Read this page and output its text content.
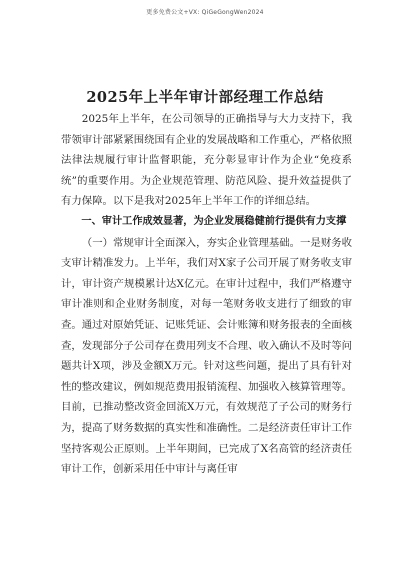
更多免费公文+VX: QiGeGongWen2024
2025年上半年审计部经理工作总结

2025年上半年，在公司领导的正确指导与大力支持下，我带领审计部紧紧围绕国有企业的发展战略和工作重心，严格依照法律法规履行审计监督职能，充分彰显审计作为企业“免疫系统”的重要作用。为企业规范管理、防范风险、提升效益提供了有力保障。以下是我对2025年上半年工作的详细总结。

一、审计工作成效显著，为企业发展稳健前行提供有力支撑

（一）常规审计全面深入，夯实企业管理基础。一是财务收支审计精准发力。上半年，我们对X家子公司开展了财务收支审计，审计资产规模累计达X亿元。在审计过程中，我们严格遵守审计准则和企业财务制度，对每一笔财务收支进行了细致的审查。通过对原始凭证、记账凭证、会计账簿和财务报表的全面核查，发现部分子公司存在费用列支不合理、收入确认不及时等问题共计X项，涉及金额X万元。针对这些问题，提出了具有针对性的整改建议，例如规范费用报销流程、加强收入核算管理等。目前，已推动整改资金回流X万元，有效规范了子公司的财务行为，提高了财务数据的真实性和准确性。二是经济责任审计工作坚持客观公正原则。上半年期间，已完成了X名高管的经济责任审计工作，创新采用任中审计与离任审
